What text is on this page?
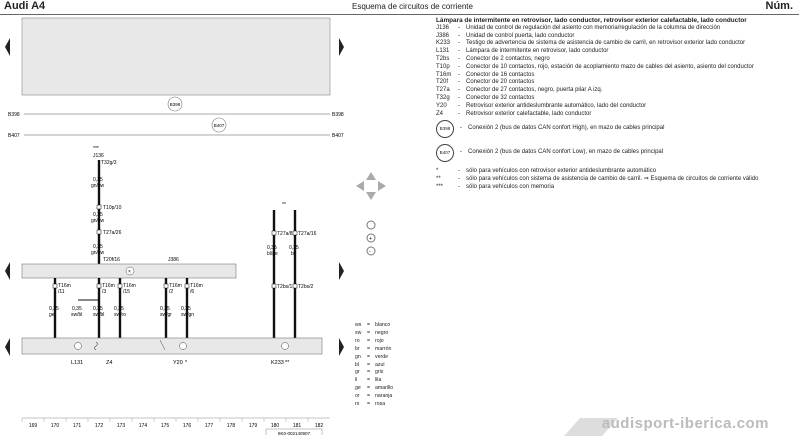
Audi A4	Esquema de circuitos de corriente	Núm.
B398
B407
B398	B398
B407	B407
***
J136
T32g/3
0,35
gn/sw
T10p/10
0,35
gn/sw
T27a/26
0,35
gn/sw
T20f/16	J386
×
**
T27a/8 T27a/16
0,35
bl/ge
0,35
br
T2bs/1 T2bs/2
T16m
/11
0,35
ge
T16m
/3
0,35
sw/bl
T16m
/15
0,35
sw/ro
T16m
/2
0,35
sw/gr
T16m
/6
0,35
sw/gn
0,35
sw/bl
L131	Z4	Y20 *	K233 **
169	170	171	172	173	174	175	176	177	178	179	180	181	182
8K0-002140907
+
-
Lámpara de intermitente en retrovisor, lado conductor, retrovisor exterior calefactable, lado conductor
J136	-	Unidad de control de regulación del asiento con memoria/regulación de la columna de dirección
J386	-	Unidad de control puerta, lado conductor
K233	-	Testigo de advertencia de sistema de asistencia de cambio de carril, en retrovisor exterior lado conductor
L131	-	Lámpara de intermitente en retrovisor, lado conductor
T2bs	-	Conector de 2 contactos, negro
T10p	-	Conector de 10 contactos, rojo, estación de acoplamiento mazo de cables del asiento, asiento del conductor
T16m	-	Conector de 16 contactos
T20f	-	Conector de 20 contactos
T27a	-	Conector de 27 contactos, negro, puerta pilar A izq.
T32g	-	Conector de 32 contactos
Y20	-	Retrovisor exterior antideslumbrante automático, lado del conductor
Z4	-	Retrovisor exterior calefactable, lado conductor
B398	-	Conexión 2 (bus de datos CAN confort High), en mazo de cables principal
B407	-	Conexión 2 (bus de datos CAN confort Low), en mazo de cables principal
*	-	sólo para vehículos con retrovisor exterior antideslumbrante automático
**	-	sólo para vehículos con sistema de asistencia de cambio de carril. ⇒ Esquema de circuitos de corriente válido
***	-	sólo para vehículos con memoria
ws	= blanco
sw	= negro
ro	= rojo
br	= marrón
gn	= verde
bl	= azul
gr	= gris
li	= lila
ge	= amarillo
or	= naranja
rs	= rosa
audisport-iberica.com
